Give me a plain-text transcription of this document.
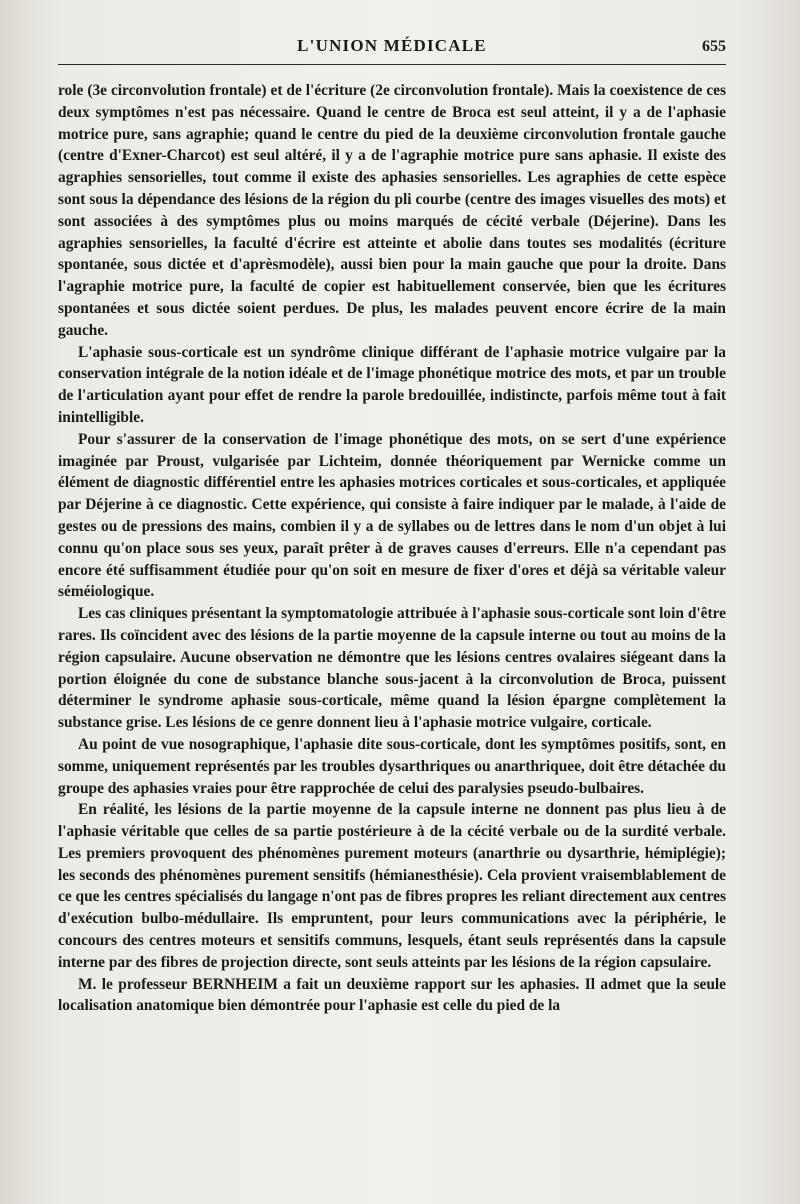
L'UNION MÉDICALE	655

role (3e circonvolution frontale) et de l'écriture (2e circonvolution frontale). Mais la coexistence de ces deux symptômes n'est pas nécessaire. Quand le centre de Broca est seul atteint, il y a de l'aphasie motrice pure, sans agraphie; quand le centre du pied de la deuxième circonvolution frontale gauche (centre d'Exner-Charcot) est seul altéré, il y a de l'agraphie motrice pure sans aphasie. Il existe des agraphies sensorielles, tout comme il existe des aphasies sensorielles. Les agraphies de cette espèce sont sous la dépendance des lésions de la région du pli courbe (centre des images visuelles des mots) et sont associées à des symptômes plus ou moins marqués de cécité verbale (Déjerine). Dans les agraphies sensorielles, la faculté d'écrire est atteinte et abolie dans toutes ses modalités (écriture spontanée, sous dictée et d'aprèsmodèle), aussi bien pour la main gauche que pour la droite. Dans l'agraphie motrice pure, la faculté de copier est habituellement conservée, bien que les écritures spontanées et sous dictée soient perdues. De plus, les malades peuvent encore écrire de la main gauche.

L'aphasie sous-corticale est un syndrôme clinique différant de l'aphasie motrice vulgaire par la conservation intégrale de la notion idéale et de l'image phonétique motrice des mots, et par un trouble de l'articulation ayant pour effet de rendre la parole bredouillée, indistincte, parfois même tout à fait inintelligible.

Pour s'assurer de la conservation de l'image phonétique des mots, on se sert d'une expérience imaginée par Proust, vulgarisée par Lichteim, donnée théoriquement par Wernicke comme un élément de diagnostic différentiel entre les aphasies motrices corticales et sous-corticales, et appliquée par Déjerine à ce diagnostic. Cette expérience, qui consiste à faire indiquer par le malade, à l'aide de gestes ou de pressions des mains, combien il y a de syllabes ou de lettres dans le nom d'un objet à lui connu qu'on place sous ses yeux, paraît prêter à de graves causes d'erreurs. Elle n'a cependant pas encore été suffisamment étudiée pour qu'on soit en mesure de fixer d'ores et déjà sa véritable valeur séméiologique.

Les cas cliniques présentant la symptomatologie attribuée à l'aphasie sous-corticale sont loin d'être rares. Ils coïncident avec des lésions de la partie moyenne de la capsule interne ou tout au moins de la région capsulaire. Aucune observation ne démontre que les lésions centres ovalaires siégeant dans la portion éloignée du cone de substance blanche sous-jacent à la circonvolution de Broca, puissent déterminer le syndrome aphasie sous-corticale, même quand la lésion épargne complètement la substance grise. Les lésions de ce genre donnent lieu à l'aphasie motrice vulgaire, corticale.

Au point de vue nosographique, l'aphasie dite sous-corticale, dont les symptômes positifs, sont, en somme, uniquement représentés par les troubles dysarthriques ou anarthriquee, doit être détachée du groupe des aphasies vraies pour être rapprochée de celui des paralysies pseudo-bulbaires.

En réalité, les lésions de la partie moyenne de la capsule interne ne donnent pas plus lieu à de l'aphasie véritable que celles de sa partie postérieure à de la cécité verbale ou de la surdité verbale. Les premiers provoquent des phénomènes purement moteurs (anarthrie ou dysarthrie, hémiplégie); les seconds des phénomènes purement sensitifs (hémianesthésie). Cela provient vraisemblablement de ce que les centres spécialisés du langage n'ont pas de fibres propres les reliant directement aux centres d'exécution bulbo-médullaire. Ils empruntent, pour leurs communications avec la périphérie, le concours des centres moteurs et sensitifs communs, lesquels, étant seuls représentés dans la capsule interne par des fibres de projection directe, sont seuls atteints par les lésions de la région capsulaire.

M. le professeur BERNHEIM a fait un deuxième rapport sur les aphasies. Il admet que la seule localisation anatomique bien démontrée pour l'aphasie est celle du pied de la
